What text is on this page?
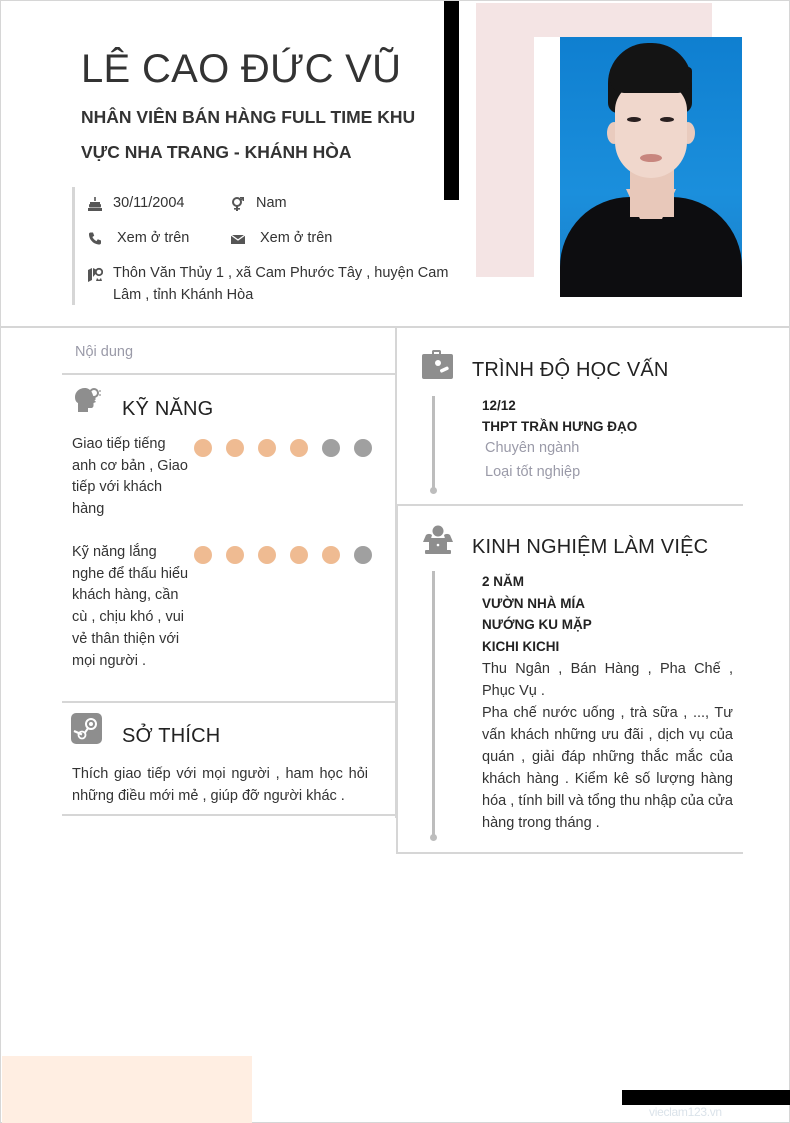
LÊ CAO ĐỨC VŨ
NHÂN VIÊN BÁN HÀNG FULL TIME KHU VỰC NHA TRANG - KHÁNH HÒA
30/11/2004	Nam
Xem ở trên	Xem ở trên
Thôn Văn Thủy 1 , xã Cam Phước Tây , huyện Cam Lâm , tỉnh Khánh Hòa
Nội dung
KỸ NĂNG
Giao tiếp tiếng anh cơ bản , Giao tiếp với khách hàng
Kỹ năng lắng nghe để thấu hiểu khách hàng, cần cù , chịu khó , vui vẻ thân thiện với mọi người .
SỞ THÍCH
Thích giao tiếp với mọi người , ham học hỏi những điều mới mẻ , giúp đỡ người khác .
TRÌNH ĐỘ HỌC VẤN
12/12
THPT TRẦN HƯNG ĐẠO
Chuyên ngành
Loại tốt nghiệp
KINH NGHIỆM LÀM VIỆC
2 NĂM
VƯỜN NHÀ MÍA
NƯỚNG KU MẶP
KICHI KICHI
Thu Ngân , Bán Hàng , Pha Chế , Phục Vụ .
Pha chế nước uống , trà sữa , ..., Tư vấn khách những ưu đãi , dịch vụ của quán , giải đáp những thắc mắc của khách hàng . Kiểm kê số lượng hàng hóa , tính bill và tổng thu nhập của cửa hàng trong tháng .
vieclam123.vn
